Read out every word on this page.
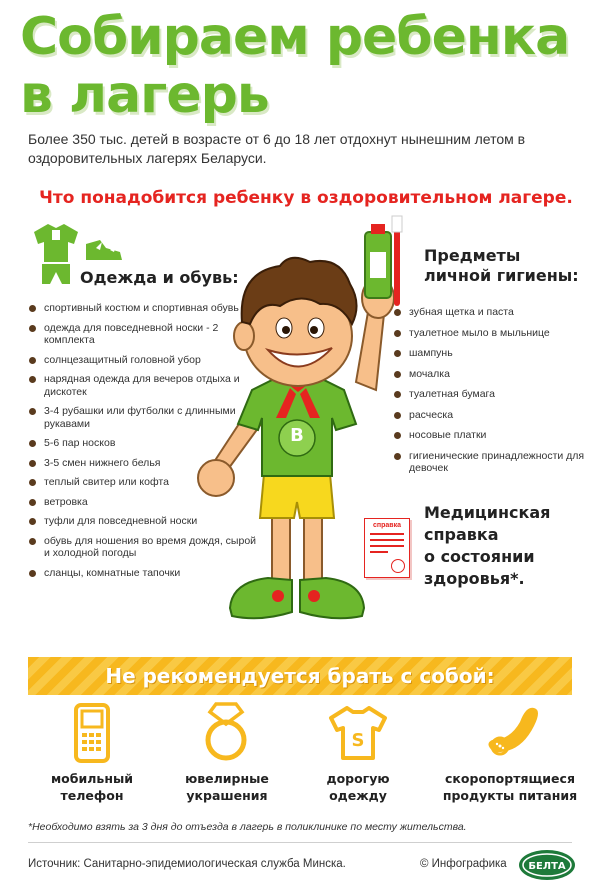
Собираем ребенка
в лагерь
Более 350 тыс. детей в возрасте от 6 до 18 лет отдохнут нынешним летом в оздоровительных лагерях Беларуси.
Что понадобится ребенку в оздоровительном лагере.
Одежда и обувь:
спортивный костюм и спортивная обувь
одежда для повседневной носки - 2 комплекта
солнцезащитный головной убор
нарядная одежда для вечеров отдыха и дискотек
3-4 рубашки или футболки с длинными рукавами
5-6 пар носков
3-5 смен нижнего белья
теплый свитер или кофта
ветровка
туфли для повседневной носки
обувь для ношения во время дождя, сырой и холодной погоды
сланцы, комнатные тапочки
В
Предметы
личной гигиены:
зубная щетка и паста
туалетное мыло в мыльнице
шампунь
мочалка
туалетная бумага
расческа
носовые платки
гигиенические принадлежности для девочек
справка
Медицинская
справка
о состоянии
здоровья*.
Не рекомендуется брать с собой:
S
мобильный
телефон
ювелирные
украшения
дорогую
одежду
скоропортящиеся
продукты питания
*Необходимо взять за 3 дня до отъезда в лагерь в поликлинике по месту жительства.
Источник: Санитарно-эпидемиологическая служба Минска.	© Инфографика БЕЛТА
